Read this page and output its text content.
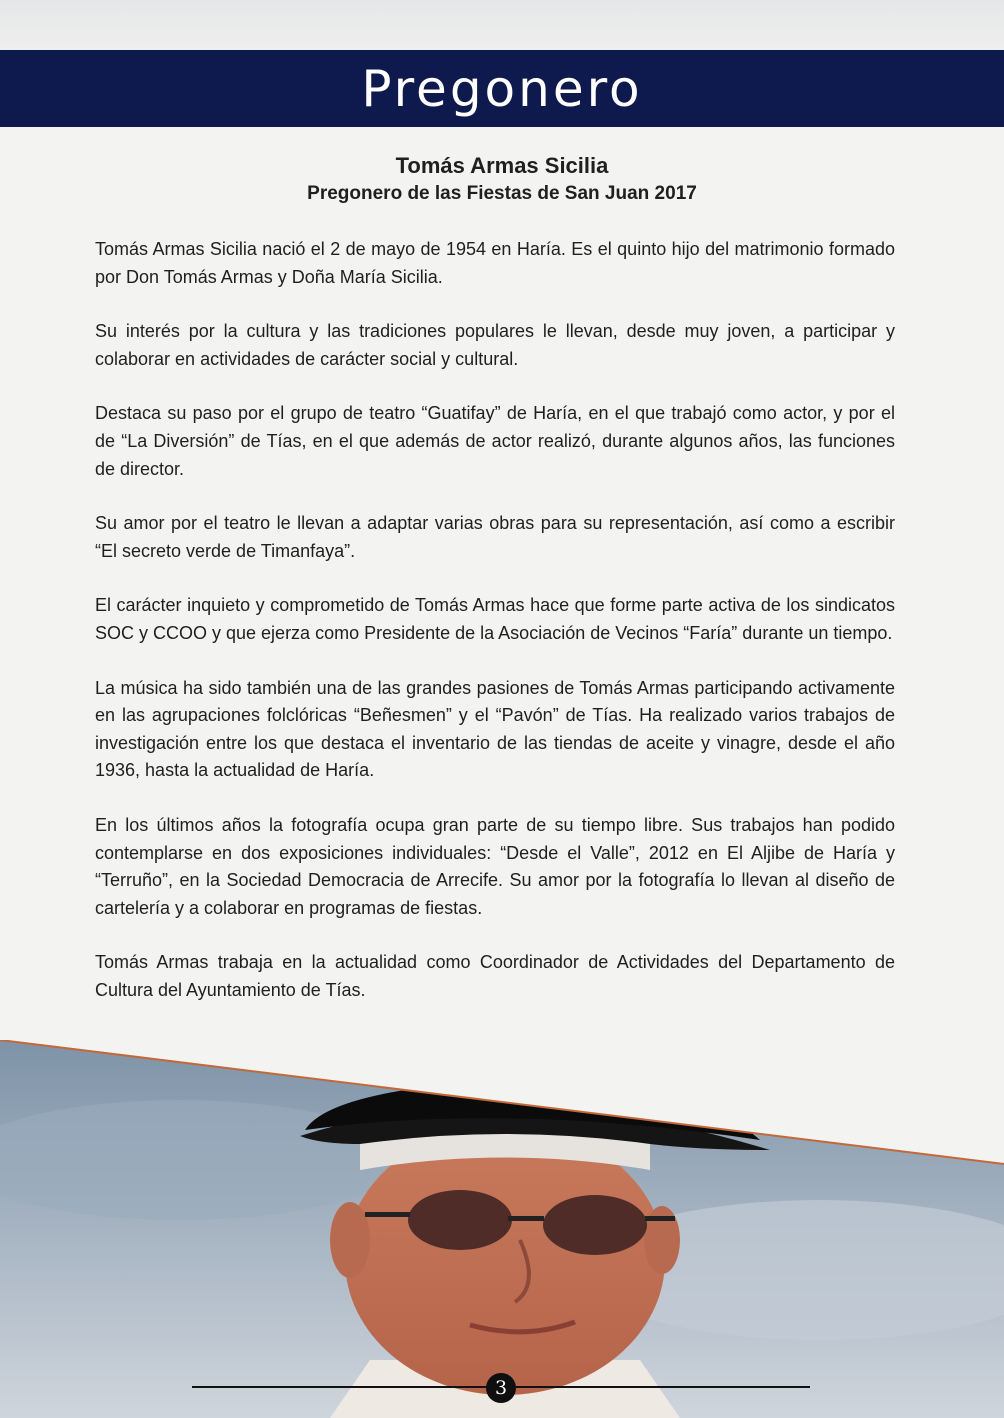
Pregonero
Tomás Armas Sicilia
Pregonero de las Fiestas de San Juan 2017

Tomás Armas Sicilia nació el 2 de mayo de 1954 en Haría. Es el quinto hijo del matrimonio formado por Don Tomás Armas y Doña María Sicilia.

Su interés por la cultura y las tradiciones populares le llevan, desde muy joven, a participar y colaborar en actividades de carácter social y cultural.

Destaca su paso por el grupo de teatro “Guatifay” de Haría, en el que trabajó como actor, y por el de “La Diversión” de Tías, en el que además de actor realizó, durante algunos años, las funciones de director.

Su amor por el teatro le llevan a adaptar varias obras para su representación, así como a escribir “El secreto verde de Timanfaya”.

El carácter inquieto y comprometido de Tomás Armas hace que forme parte activa de los sindicatos SOC y CCOO y que ejerza como Presidente de la Asociación de Vecinos “Faría” durante un tiempo.

La música ha sido también una de las grandes pasiones de Tomás Armas participando activamente en las agrupaciones folclóricas “Beñesmen” y el “Pavón” de Tías. Ha realizado varios trabajos de investigación entre los que destaca el inventario de las tiendas de aceite y vinagre, desde el año 1936, hasta la actualidad de Haría.

En los últimos años la fotografía ocupa gran parte de su tiempo libre. Sus trabajos han podido contemplarse en dos exposiciones individuales: “Desde el Valle”, 2012 en El Aljibe de Haría y “Terruño”, en la Sociedad Democracia de Arrecife. Su amor por la fotografía lo llevan al diseño de cartelería y a colaborar en programas de fiestas.

Tomás Armas trabaja en la actualidad como Coordinador de Actividades del Departamento de Cultura del Ayuntamiento de Tías.

3
